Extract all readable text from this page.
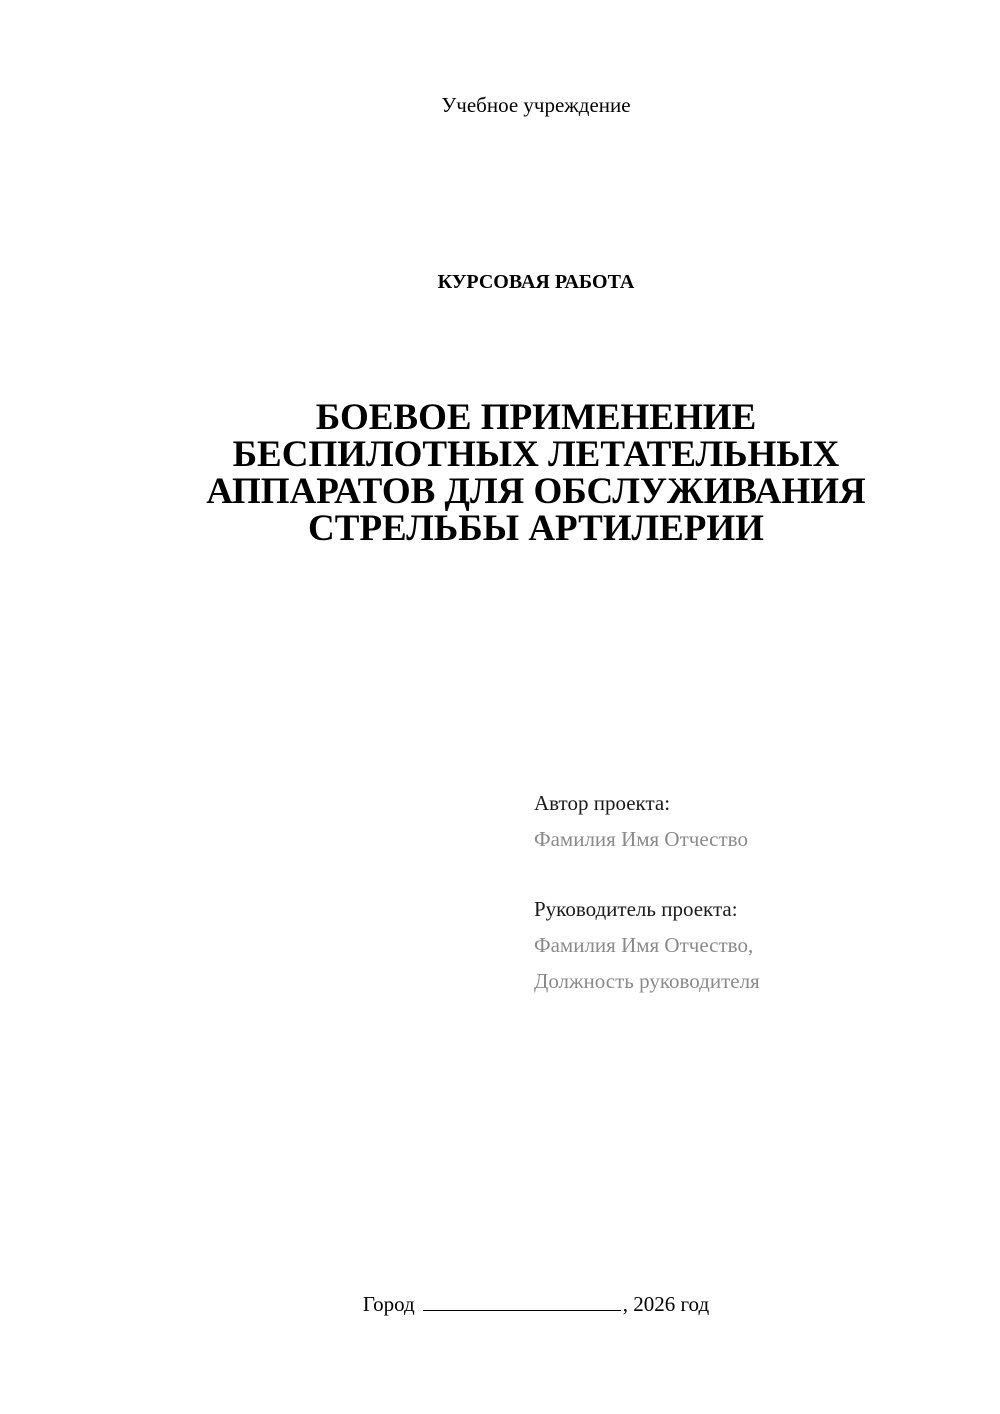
Учебное учреждение

КУРСОВАЯ РАБОТА

БОЕВОЕ ПРИМЕНЕНИЕ
БЕСПИЛОТНЫХ ЛЕТАТЕЛЬНЫХ
АППАРАТОВ ДЛЯ ОБСЛУЖИВАНИЯ
СТРЕЛЬБЫ АРТИЛЕРИИ
Автор проекта:
Фамилия Имя Отчество
Руководитель проекта:
Фамилия Имя Отчество,
Должность руководителя

Город	, 2026 год
